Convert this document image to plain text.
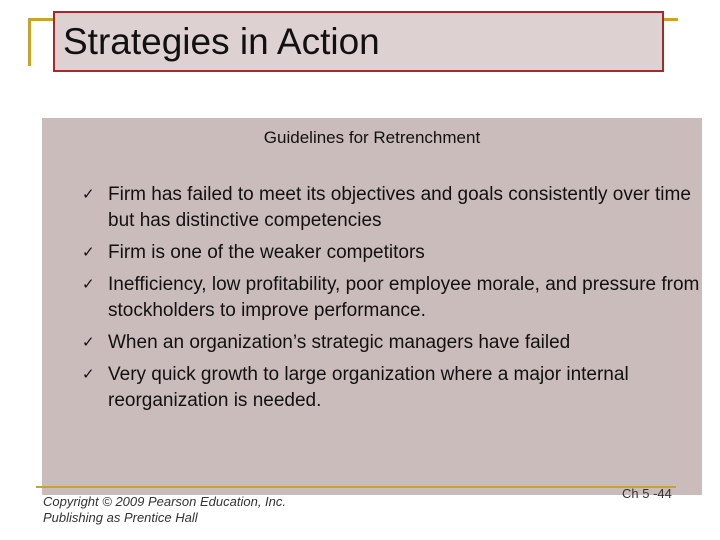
Strategies in Action
Guidelines for Retrenchment
✓ Firm has failed to meet its objectives and goals consistently over time but has distinctive competencies
✓ Firm is one of the weaker competitors
✓ Inefficiency, low profitability, poor employee morale, and pressure from stockholders to improve performance.
✓ When an organization’s strategic managers have failed
✓ Very quick growth to large organization where a major internal reorganization is needed.
Copyright © 2009 Pearson Education, Inc.
Publishing as Prentice Hall
Ch 5 -44
